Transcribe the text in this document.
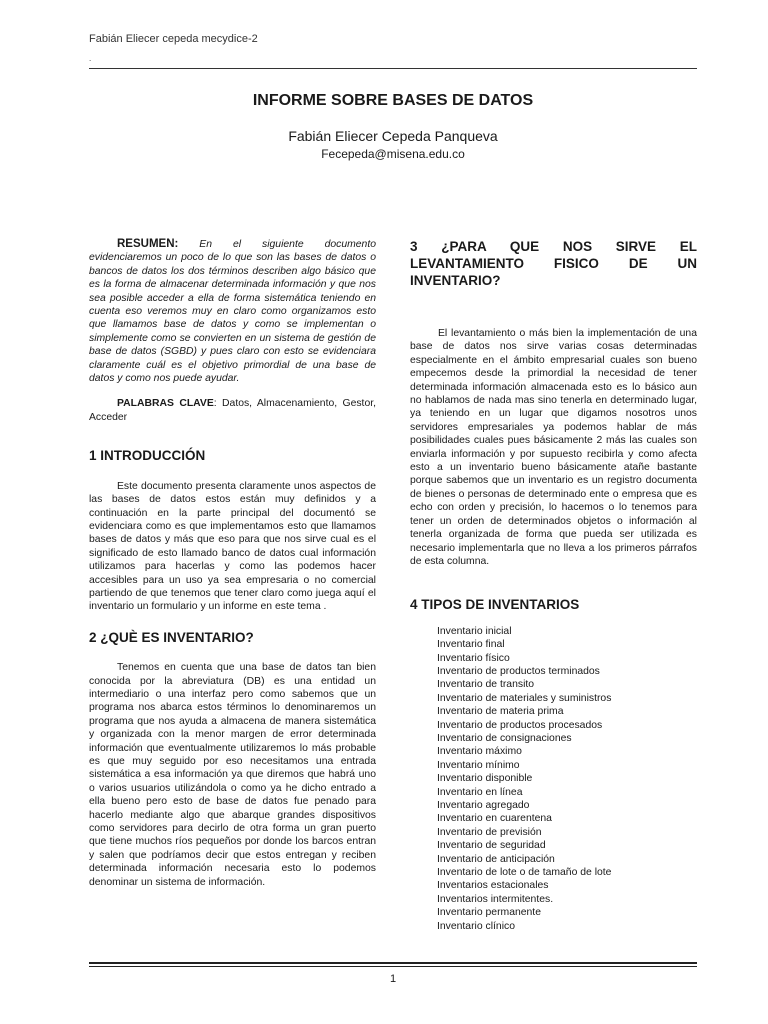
Fabián Eliecer cepeda mecydice-2
.
INFORME SOBRE BASES DE DATOS
Fabián Eliecer Cepeda Panqueva
Fecepeda@misena.edu.co

RESUMEN: En el siguiente documento evidenciaremos un poco de lo que son las bases de datos o bancos de datos los dos términos describen algo básico que es la forma de almacenar determinada información y que nos sea posible acceder a ella de forma sistemática teniendo en cuenta eso veremos muy en claro como organizamos esto que llamamos base de datos y como se implementan o simplemente como se convierten en un sistema de gestión de base de datos (SGBD) y pues claro con esto se evidenciara claramente cuál es el objetivo primordial de una base de datos y como nos puede ayudar.

PALABRAS CLAVE: Datos, Almacenamiento, Gestor, Acceder

1 INTRODUCCIÓN

Este documento presenta claramente unos aspectos de las bases de datos estos están muy definidos y a continuación en la parte principal del documentó se evidenciara como es que implementamos esto que llamamos bases de datos y más que eso para que nos sirve cual es el significado de esto llamado banco de datos cual información utilizamos para hacerlas y como las podemos hacer accesibles para un uso ya sea empresaria o no comercial partiendo de que tenemos que tener claro como juega aquí el inventario un formulario y un informe en este tema .

2 ¿QUÈ ES INVENTARIO?

Tenemos en cuenta que una base de datos tan bien conocida por la abreviatura (DB) es una entidad un intermediario o una interfaz pero como sabemos que un programa nos abarca estos términos lo denominaremos un programa que nos ayuda a almacena de manera sistemática y organizada con la menor margen de error determinada información que eventualmente utilizaremos lo más probable es que muy seguido por eso necesitamos una entrada sistemática a esa información ya que diremos que habrá uno o varios usuarios utilizándola o como ya he dicho entrado a ella bueno pero esto de base de datos fue penado para hacerlo mediante algo que abarque grandes dispositivos como servidores para decirlo de otra forma un gran puerto que tiene muchos ríos pequeños por donde los barcos entran y salen que podríamos decir que estos entregan y reciben determinada información necesaria esto lo podemos denominar un sistema de información.

3 ¿PARA QUE NOS SIRVE EL LEVANTAMIENTO FISICO DE UN INVENTARIO?

El levantamiento o más bien la implementación de una base de datos nos sirve varias cosas determinadas especialmente en el ámbito empresarial cuales son bueno empecemos desde la primordial la necesidad de tener determinada información almacenada esto es lo básico aun no hablamos de nada mas sino tenerla en determinado lugar, ya teniendo en un lugar que digamos nosotros unos servidores empresariales ya podemos hablar de más posibilidades cuales pues básicamente 2 más las cuales son enviarla información y por supuesto recibirla y como afecta esto a un inventario bueno básicamente atañe bastante porque sabemos que un inventario es un registro documenta de bienes o personas de determinado ente o empresa que es echo con orden y precisión, lo hacemos o lo tenemos para tener un orden de determinados objetos o información al tenerla organizada de forma que pueda ser utilizada es necesario implementarla que no lleva a los primeros párrafos de esta columna.

4 TIPOS DE INVENTARIOS
Inventario inicial
Inventario final
Inventario físico
Inventario de productos terminados
Inventario de transito
Inventario de materiales y suministros
Inventario de materia prima
Inventario de productos procesados
Inventario de consignaciones
Inventario máximo
Inventario mínimo
Inventario disponible
Inventario en línea
Inventario agregado
Inventario en cuarentena
Inventario de previsión
Inventario de seguridad
Inventario de anticipación
Inventario de lote o de tamaño de lote
Inventarios estacionales
Inventarios intermitentes.
Inventario permanente
Inventario clínico
1
